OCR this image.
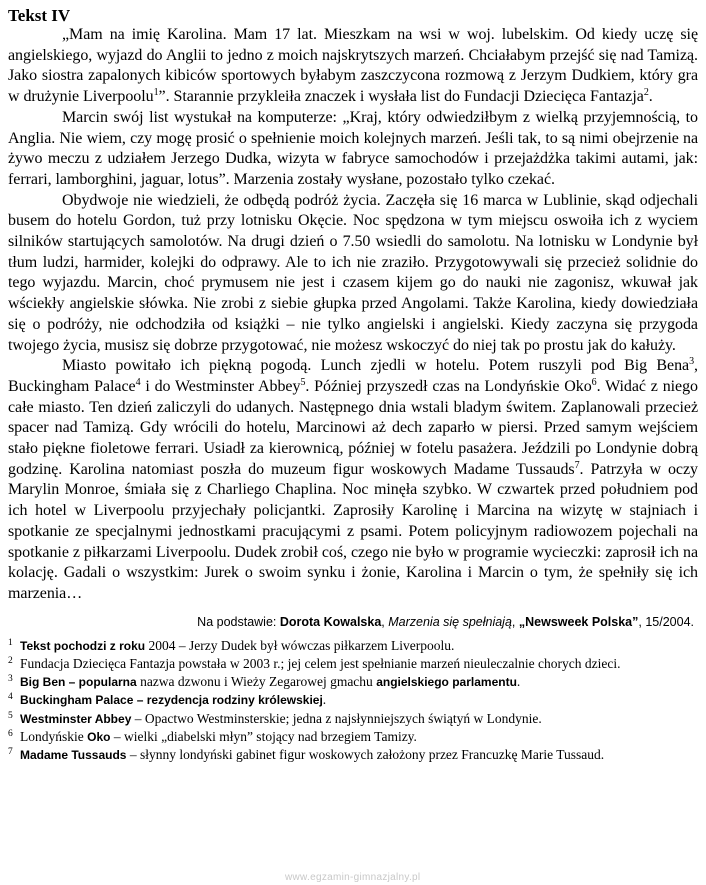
Tekst IV

„Mam na imię Karolina. Mam 17 lat. Mieszkam na wsi w woj. lubelskim. Od kiedy uczę się angielskiego, wyjazd do Anglii to jedno z moich najskrytszych marzeń. Chciałabym przejść się nad Tamizą. Jako siostra zapalonych kibiców sportowych byłabym zaszczycona rozmową z Jerzym Dudkiem, który gra w drużynie Liverpoolu$^1$”. Starannie przykleiła znaczek i wysłała list do Fundacji Dziecięca Fantazja$^2$.

Marcin swój list wystukał na komputerze: „Kraj, który odwiedziłbym z wielką przyjemnością, to Anglia. Nie wiem, czy mogę prosić o spełnienie moich kolejnych marzeń. Jeśli tak, to są nimi obejrzenie na żywo meczu z udziałem Jerzego Dudka, wizyta w fabryce samochodów i przejażdżka takimi autami, jak: ferrari, lamborghini, jaguar, lotus”. Marzenia zostały wysłane, pozostało tylko czekać.

Obydwoje nie wiedzieli, że odbędą podróż życia. Zaczęła się 16 marca w Lublinie, skąd odjechali busem do hotelu Gordon, tuż przy lotnisku Okęcie. Noc spędzona w tym miejscu oswoiła ich z wyciem silników startujących samolotów. Na drugi dzień o 7.50 wsiedli do samolotu. Na lotnisku w Londynie był tłum ludzi, harmider, kolejki do odprawy. Ale to ich nie zraziło. Przygotowywali się przecież solidnie do tego wyjazdu. Marcin, choć prymusem nie jest i czasem kijem go do nauki nie zagonisz, wkuwał jak wściekły angielskie słówka. Nie zrobi z siebie głupka przed Angolami. Także Karolina, kiedy dowiedziała się o podróży, nie odchodziła od książki – nie tylko angielski i angielski. Kiedy zaczyna się przygoda twojego życia, musisz się dobrze przygotować, nie możesz wskoczyć do niej tak po prostu jak do kałuży.

Miasto powitało ich piękną pogodą. Lunch zjedli w hotelu. Potem ruszyli pod Big Bena$^3$, Buckingham Palace$^4$ i do Westminster Abbey$^5$. Później przyszedł czas na Londyńskie Oko$^6$. Widać z niego całe miasto. Ten dzień zaliczyli do udanych. Następnego dnia wstali bladym świtem. Zaplanowali przecież spacer nad Tamizą. Gdy wrócili do hotelu, Marcinowi aż dech zaparło w piersi. Przed samym wejściem stało piękne fioletowe ferrari. Usiadł za kierownicą, później w fotelu pasażera. Jeździli po Londynie dobrą godzinę. Karolina natomiast poszła do muzeum figur woskowych Madame Tussauds$^7$. Patrzyła w oczy Marylin Monroe, śmiała się z Charliego Chaplina. Noc minęła szybko. W czwartek przed południem pod ich hotel w Liverpoolu przyjechały policjantki. Zaprosiły Karolinę i Marcina na wizytę w stajniach i spotkanie ze specjalnymi jednostkami pracującymi z psami. Potem policyjnym radiowozem pojechali na spotkanie z piłkarzami Liverpoolu. Dudek zrobił coś, czego nie było w programie wycieczki: zaprosił ich na kolację. Gadali o wszystkim: Jurek o swoim synku i żonie, Karolina i Marcin o tym, że spełniły się ich marzenia…

Na podstawie: Dorota Kowalska, Marzenia się spełniają, „Newsweek Polska”, 15/2004.
1 Tekst pochodzi z roku 2004 – Jerzy Dudek był wówczas piłkarzem Liverpoolu.
2 Fundacja Dziecięca Fantazja powstała w 2003 r.; jej celem jest spełnianie marzeń nieuleczalnie chorych dzieci.
3 Big Ben – popularna nazwa dzwonu i Wieży Zegarowej gmachu angielskiego parlamentu.
4 Buckingham Palace – rezydencja rodziny królewskiej.
5 Westminster Abbey – Opactwo Westminsterskie; jedna z najsłynniejszych świątyń w Londynie.
6 Londyńskie Oko – wielki „diabelski młyn” stojący nad brzegiem Tamizy.
7 Madame Tussauds – słynny londyński gabinet figur woskowych założony przez Francuzkę Marie Tussaud.
www.egzamin-gimnazjalny.pl
